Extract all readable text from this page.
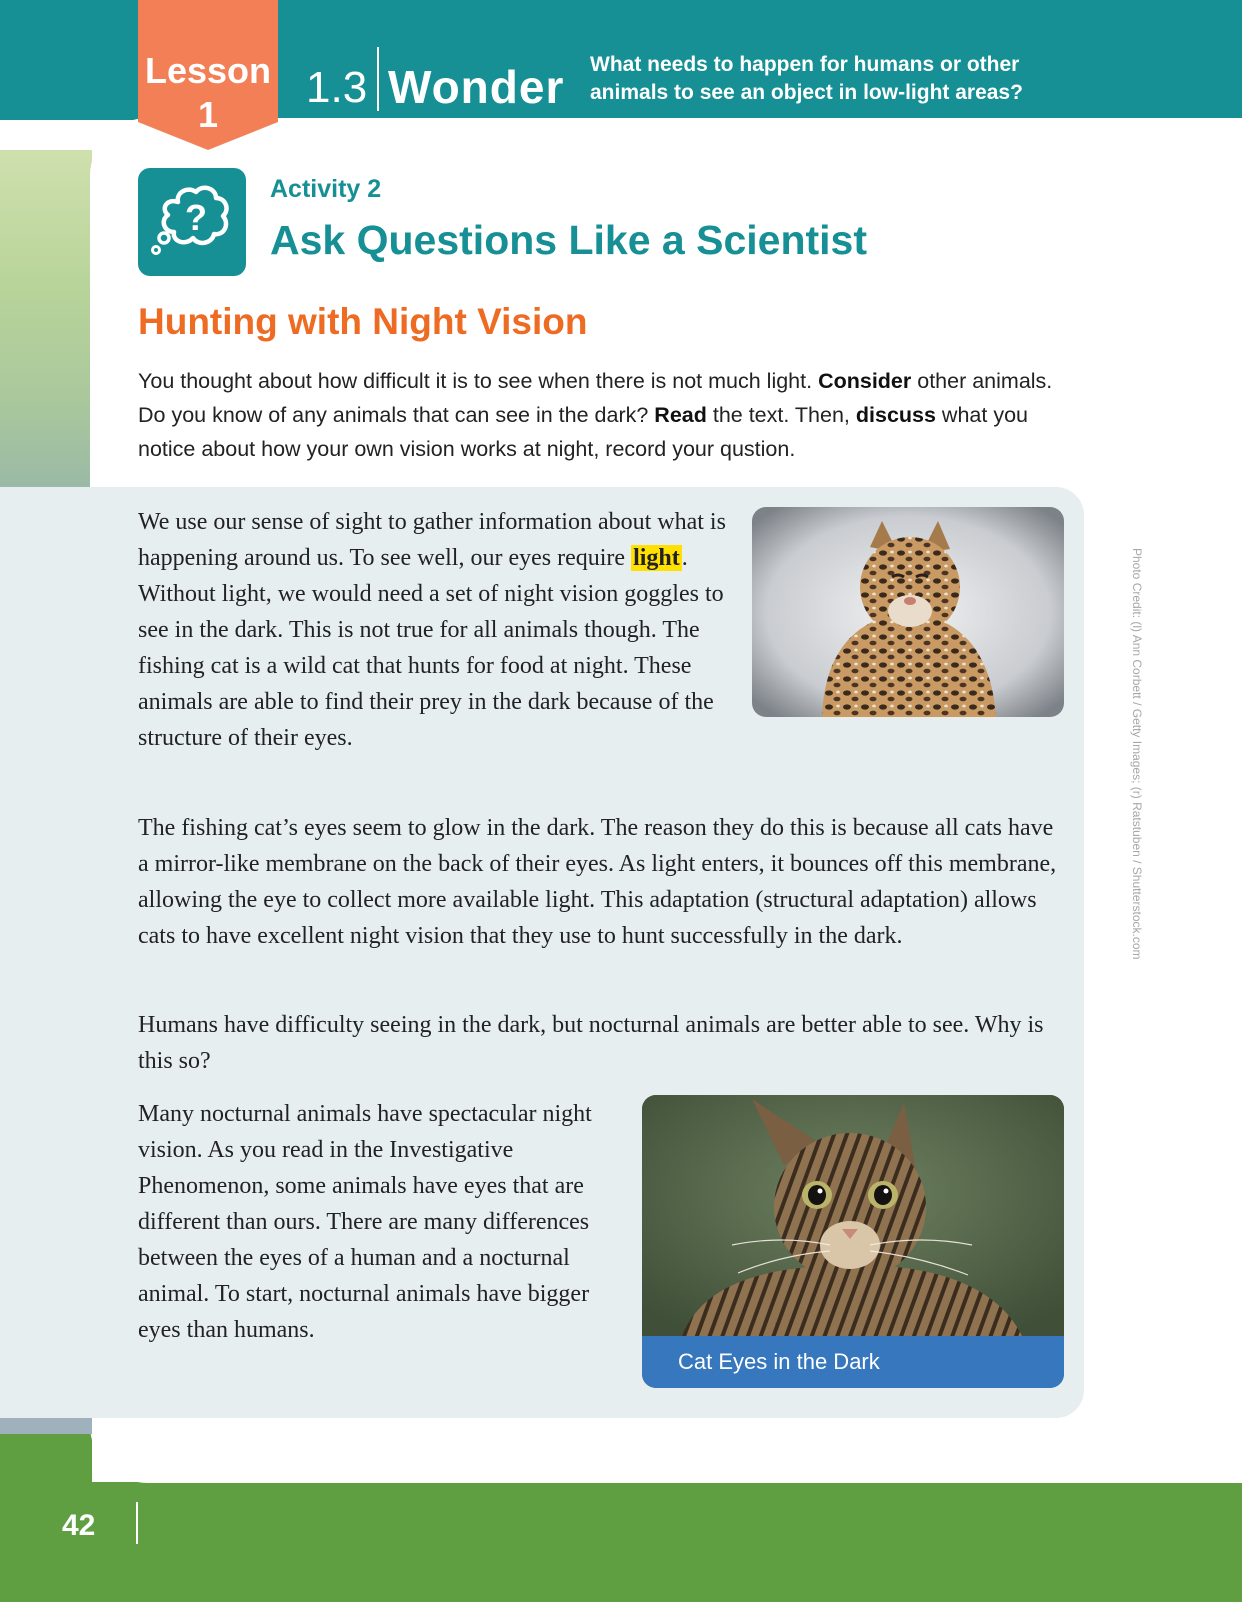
Lesson
1
1.3 Wonder What needs to happen for humans or other animals to see an object in low-light areas?
?
Activity 2
Ask Questions Like a Scientist
Hunting with Night Vision
You thought about how difficult it is to see when there is not much light. Consider other animals. Do you know of any animals that can see in the dark? Read the text. Then, discuss what you notice about how your own vision works at night, record your qustion.
We use our sense of sight to gather information about what is happening around us. To see well, our eyes require light. Without light, we would need a set of night vision goggles to see in the dark. This is not true for all animals though. The fishing cat is a wild cat that hunts for food at night. These animals are able to find their prey in the dark because of the structure of their eyes.
The fishing cat’s eyes seem to glow in the dark. The reason they do this is because all cats have a mirror-like membrane on the back of their eyes. As light enters, it bounces off this membrane, allowing the eye to collect more available light. This adaptation (structural adaptation) allows cats to have excellent night vision that they use to hunt successfully in the dark.
Humans have difficulty seeing in the dark, but nocturnal animals are better able to see. Why is this so?
Many nocturnal animals have spectacular night vision. As you read in the Investigative Phenomenon, some animals have eyes that are different than ours. There are many differences between the eyes of a human and a nocturnal animal. To start, nocturnal animals have bigger eyes than humans.
Cat Eyes in the Dark
Photo Credit: (l) Ann Corbett / Getty Images; (r) Ratstuben / Shutterstock.com
42
